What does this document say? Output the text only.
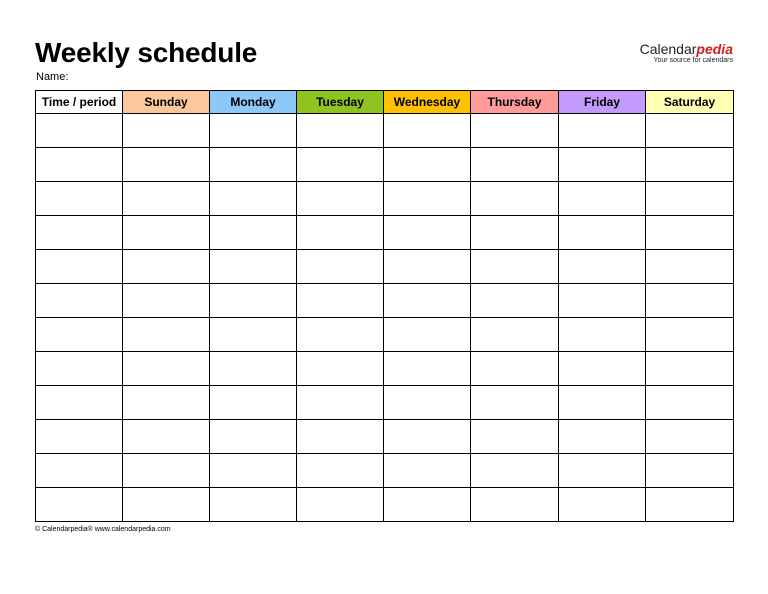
Weekly schedule
Name:
Calendarpedia
Your source for calendars
Time / period	Sunday	Monday	Tuesday	Wednesday	Thursday	Friday	Saturday

© Calendarpedia® www.calendarpedia.com
